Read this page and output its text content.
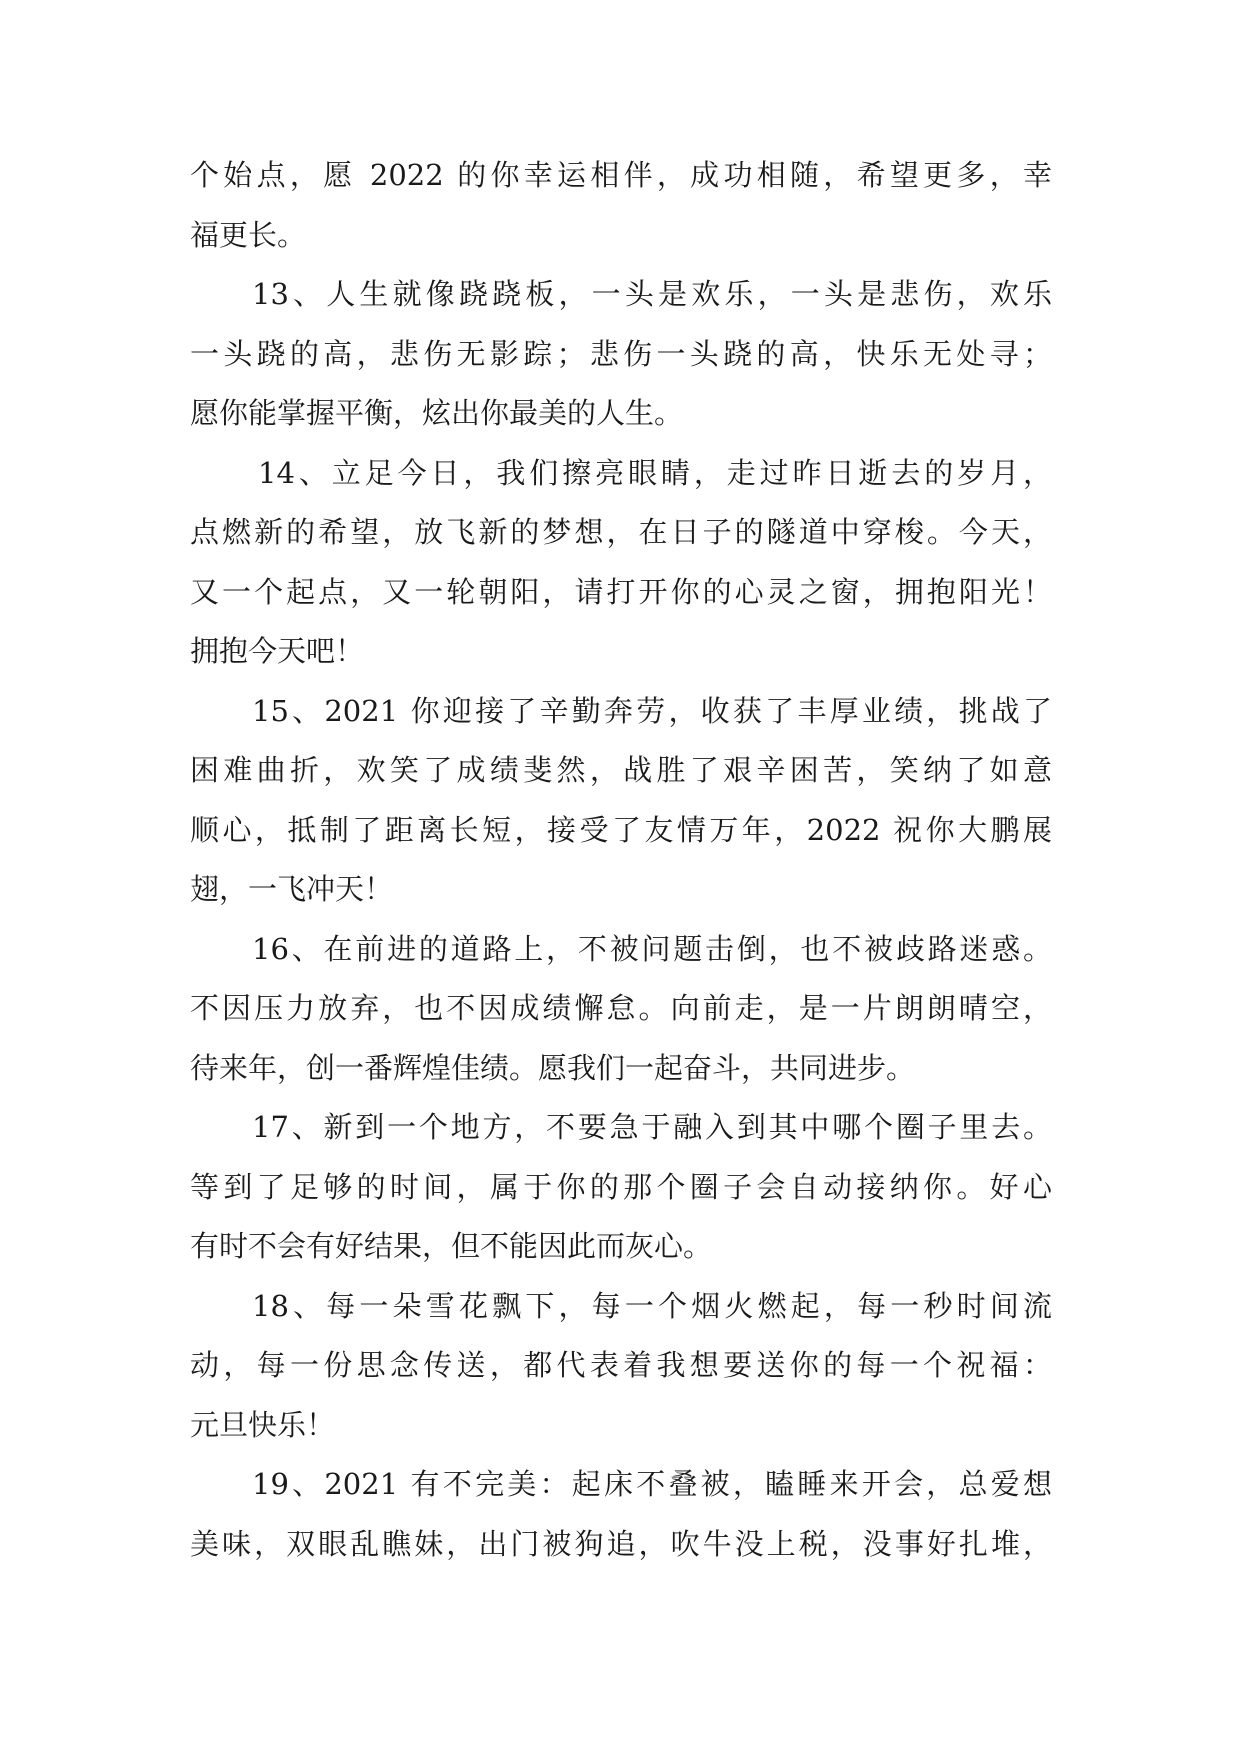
个始点，愿 2022 的你幸运相伴，成功相随，希望更多，幸
福更长。
13、人生就像跷跷板，一头是欢乐，一头是悲伤，欢乐
一头跷的高，悲伤无影踪；悲伤一头跷的高，快乐无处寻；
愿你能掌握平衡，炫出你最美的人生。
14、立足今日，我们擦亮眼睛，走过昨日逝去的岁月，
点燃新的希望，放飞新的梦想，在日子的隧道中穿梭。今天，
又一个起点，又一轮朝阳，请打开你的心灵之窗，拥抱阳光！
拥抱今天吧！
15、2021 你迎接了辛勤奔劳，收获了丰厚业绩，挑战了
困难曲折，欢笑了成绩斐然，战胜了艰辛困苦，笑纳了如意
顺心，抵制了距离长短，接受了友情万年，2022 祝你大鹏展
翅，一飞冲天！
16、在前进的道路上，不被问题击倒，也不被歧路迷惑。
不因压力放弃，也不因成绩懈怠。向前走，是一片朗朗晴空，
待来年，创一番辉煌佳绩。愿我们一起奋斗，共同进步。
17、新到一个地方，不要急于融入到其中哪个圈子里去。
等到了足够的时间，属于你的那个圈子会自动接纳你。好心
有时不会有好结果，但不能因此而灰心。
18、每一朵雪花飘下，每一个烟火燃起，每一秒时间流
动，每一份思念传送，都代表着我想要送你的每一个祝福：
元旦快乐！
19、2021 有不完美：起床不叠被，瞌睡来开会，总爱想
美味，双眼乱瞧妹，出门被狗追，吹牛没上税，没事好扎堆，
